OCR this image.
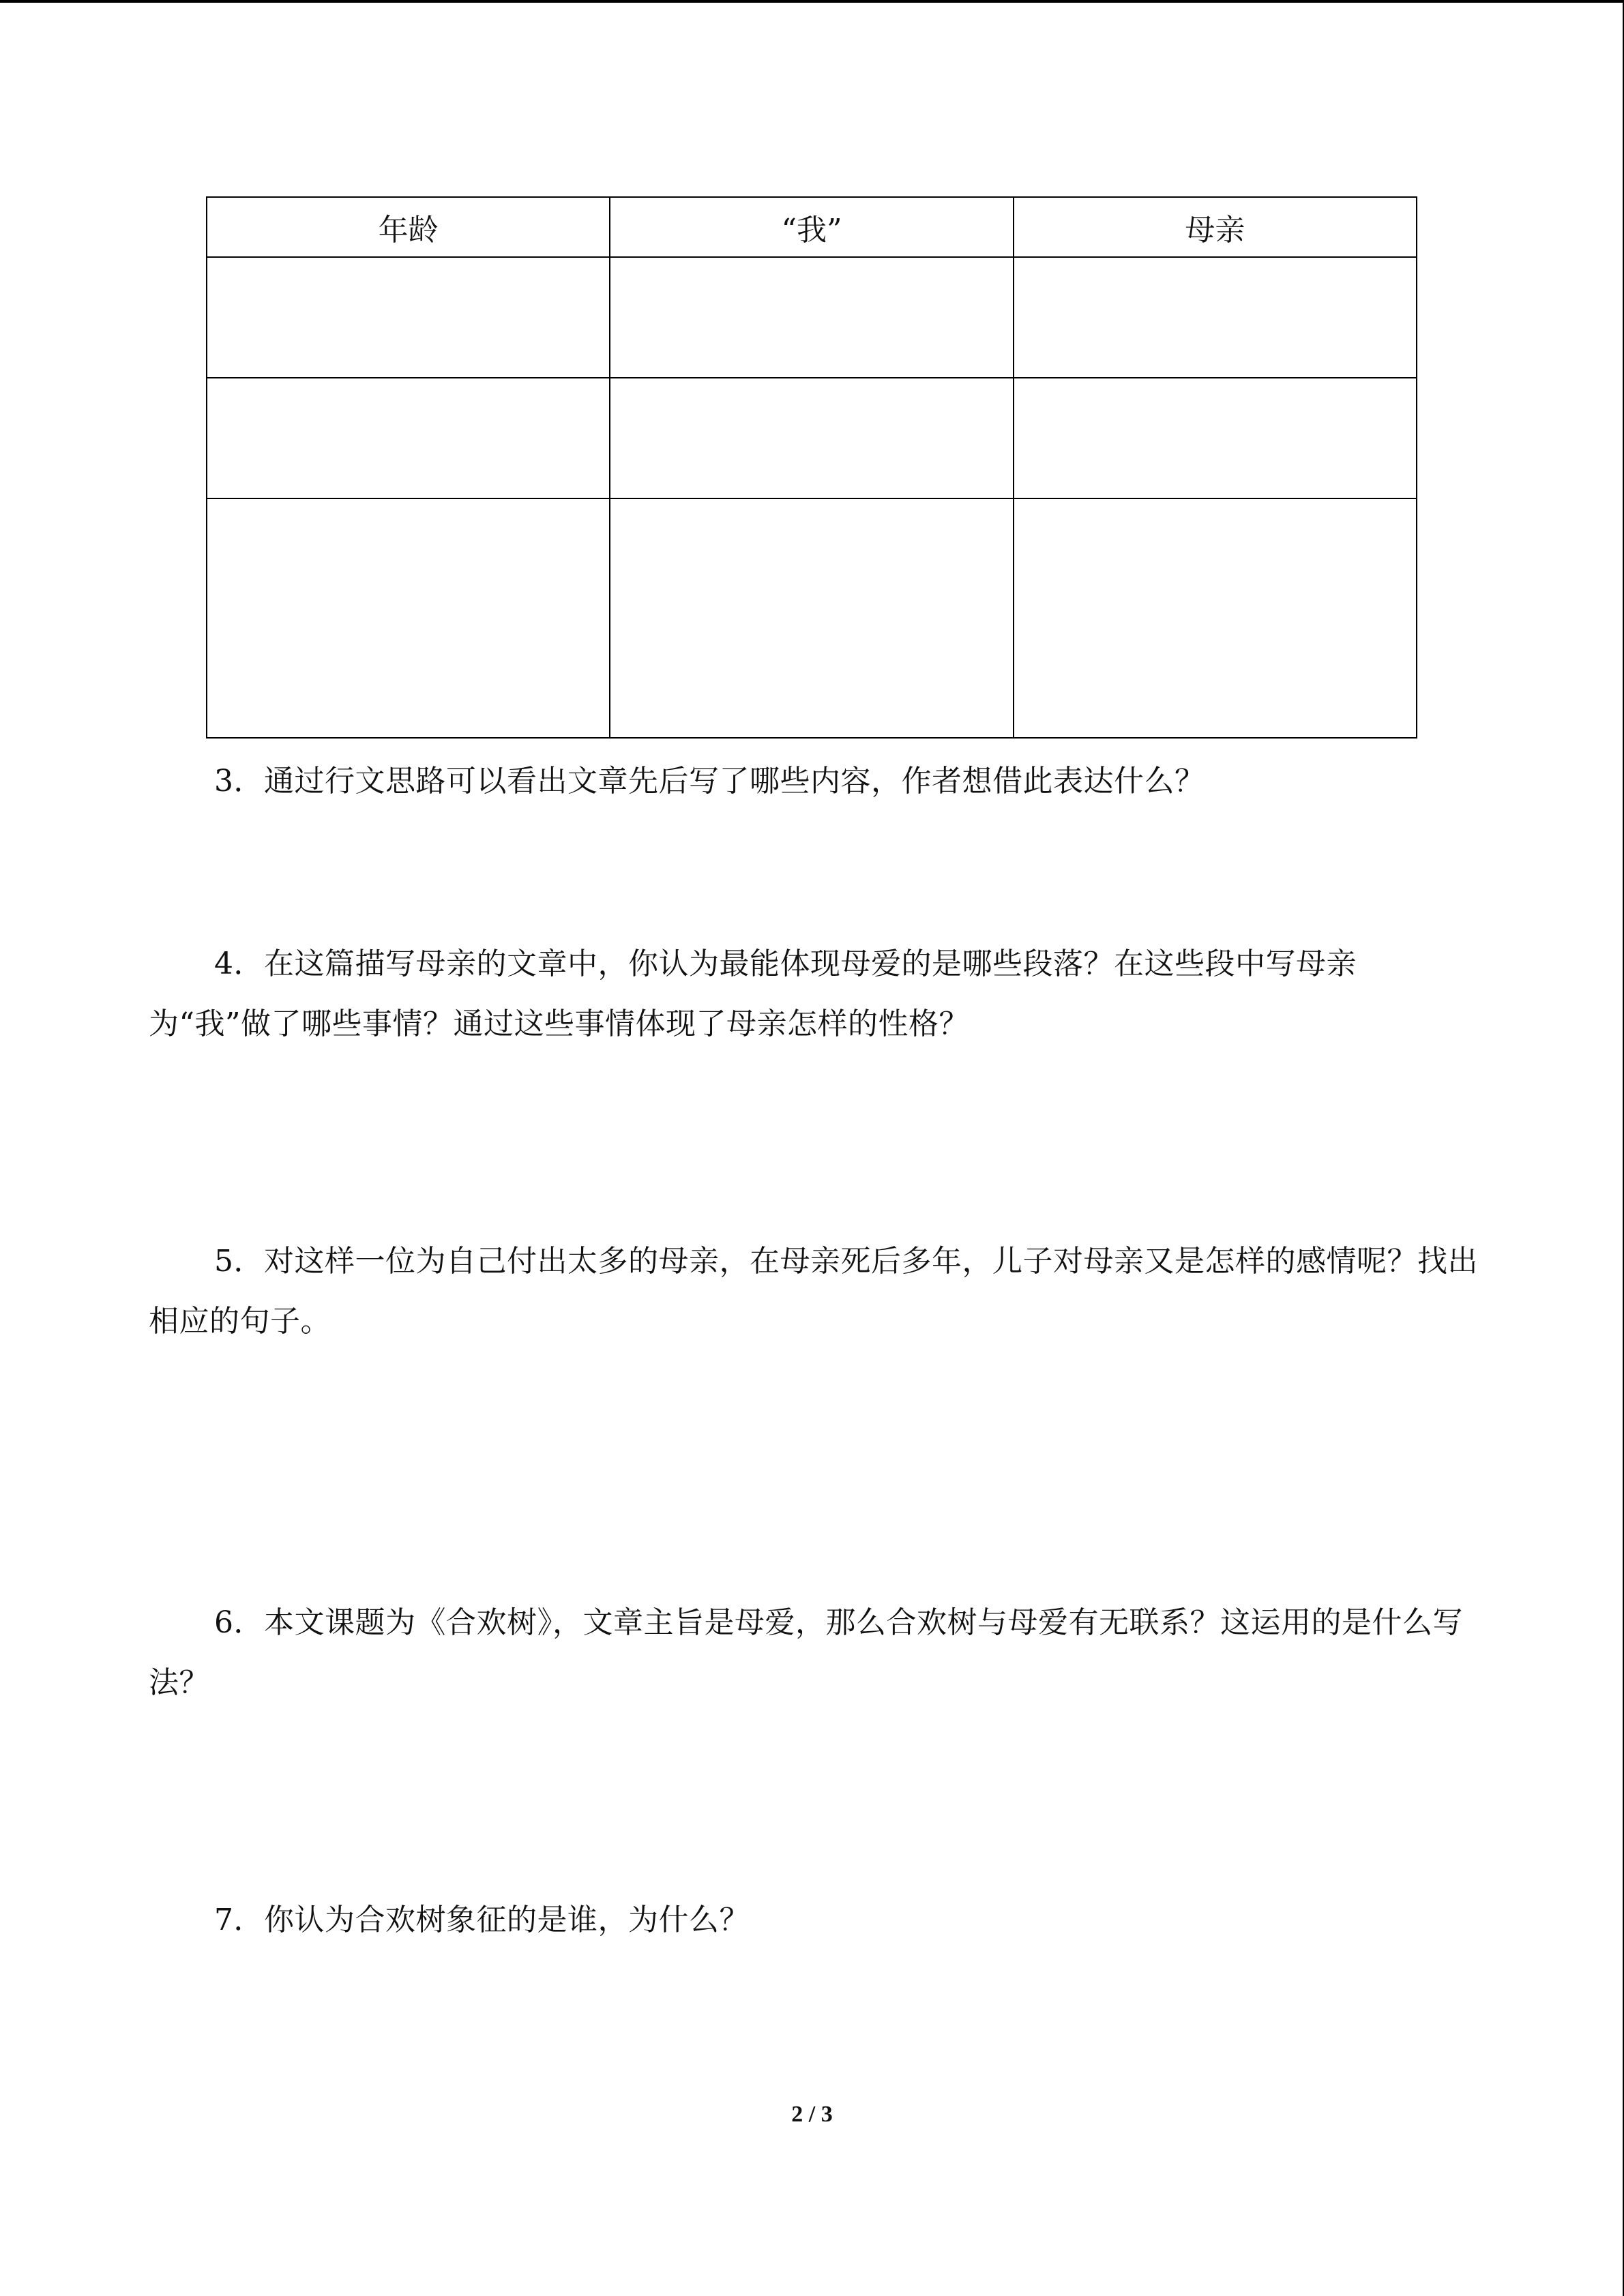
年龄	“我”	母亲

3．通过行文思路可以看出文章先后写了哪些内容，作者想借此表达什么？

4．在这篇描写母亲的文章中，你认为最能体现母爱的是哪些段落？在这些段中写母亲为“我”做了哪些事情？通过这些事情体现了母亲怎样的性格？

5．对这样一位为自己付出太多的母亲，在母亲死后多年，儿子对母亲又是怎样的感情呢？找出相应的句子。

6．本文课题为《合欢树》，文章主旨是母爱，那么合欢树与母爱有无联系？这运用的是什么写法？

7．你认为合欢树象征的是谁，为什么？

2 / 3
